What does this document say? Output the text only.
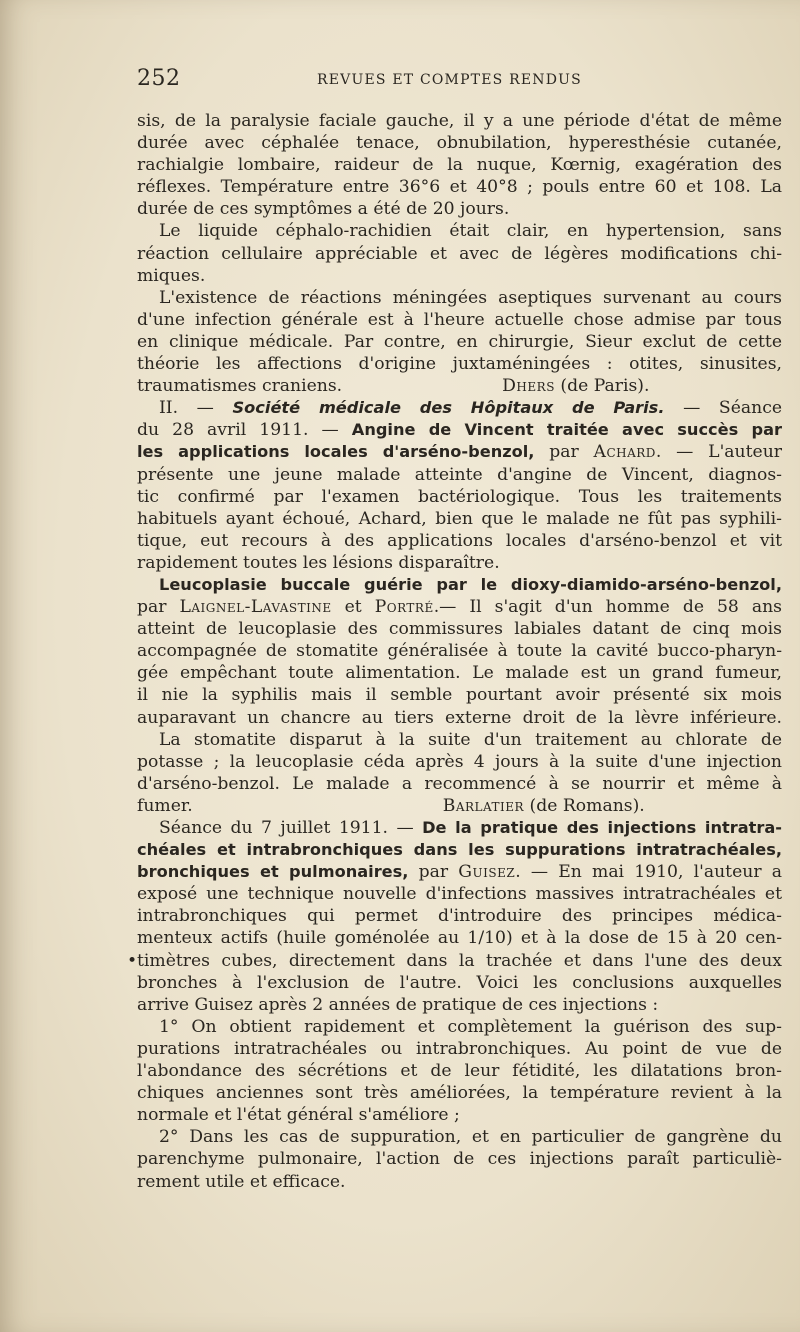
252	REVUES ET COMPTES RENDUS
sis, de la paralysie faciale gauche, il y a une période d'état de même
durée avec céphalée tenace, obnubilation, hyperesthésie cutanée,
rachialgie lombaire, raideur de la nuque, Kœrnig, exagération des
réflexes. Température entre 36°6 et 40°8 ; pouls entre 60 et 108. La
durée de ces symptômes a été de 20 jours.
Le liquide céphalo-rachidien était clair, en hypertension, sans
réaction cellulaire appréciable et avec de légères modifications chi-
miques.
L'existence de réactions méningées aseptiques survenant au cours
d'une infection générale est à l'heure actuelle chose admise par tous
en clinique médicale. Par contre, en chirurgie, Sieur exclut de cette
théorie les affections d'origine juxtaméningées : otites, sinusites,
traumatismes craniens.	Dhers (de Paris).
II. — Société médicale des Hôpitaux de Paris. — Séance
du 28 avril 1911. — Angine de Vincent traitée avec succès par
les applications locales d'arséno-benzol, par Achard. — L'auteur
présente une jeune malade atteinte d'angine de Vincent, diagnos-
tic confirmé par l'examen bactériologique. Tous les traitements
habituels ayant échoué, Achard, bien que le malade ne fût pas syphili-
tique, eut recours à des applications locales d'arséno-benzol et vit
rapidement toutes les lésions disparaître.
Leucoplasie buccale guérie par le dioxy-diamido-arséno-benzol,
par Laignel-Lavastine et Portré.— Il s'agit d'un homme de 58 ans
atteint de leucoplasie des commissures labiales datant de cinq mois
accompagnée de stomatite généralisée à toute la cavité bucco-pharyn-
gée empêchant toute alimentation. Le malade est un grand fumeur,
il nie la syphilis mais il semble pourtant avoir présenté six mois
auparavant un chancre au tiers externe droit de la lèvre inférieure.
La stomatite disparut à la suite d'un traitement au chlorate de
potasse ; la leucoplasie céda après 4 jours à la suite d'une injection
d'arséno-benzol. Le malade a recommencé à se nourrir et même à
fumer.	Barlatier (de Romans).
Séance du 7 juillet 1911. — De la pratique des injections intratra-
chéales et intrabronchiques dans les suppurations intratrachéales,
bronchiques et pulmonaires, par Guisez. — En mai 1910, l'auteur a
exposé une technique nouvelle d'infections massives intratrachéales et
intrabronchiques qui permet d'introduire des principes médica-
menteux actifs (huile goménolée au 1/10) et à la dose de 15 à 20 cen-
• timètres cubes, directement dans la trachée et dans l'une des deux
bronches à l'exclusion de l'autre. Voici les conclusions auxquelles
arrive Guisez après 2 années de pratique de ces injections :
1° On obtient rapidement et complètement la guérison des sup-
purations intratrachéales ou intrabronchiques. Au point de vue de
l'abondance des sécrétions et de leur fétidité, les dilatations bron-
chiques anciennes sont très améliorées, la température revient à la
normale et l'état général s'améliore ;
2° Dans les cas de suppuration, et en particulier de gangrène du
parenchyme pulmonaire, l'action de ces injections paraît particuliè-
rement utile et efficace.
